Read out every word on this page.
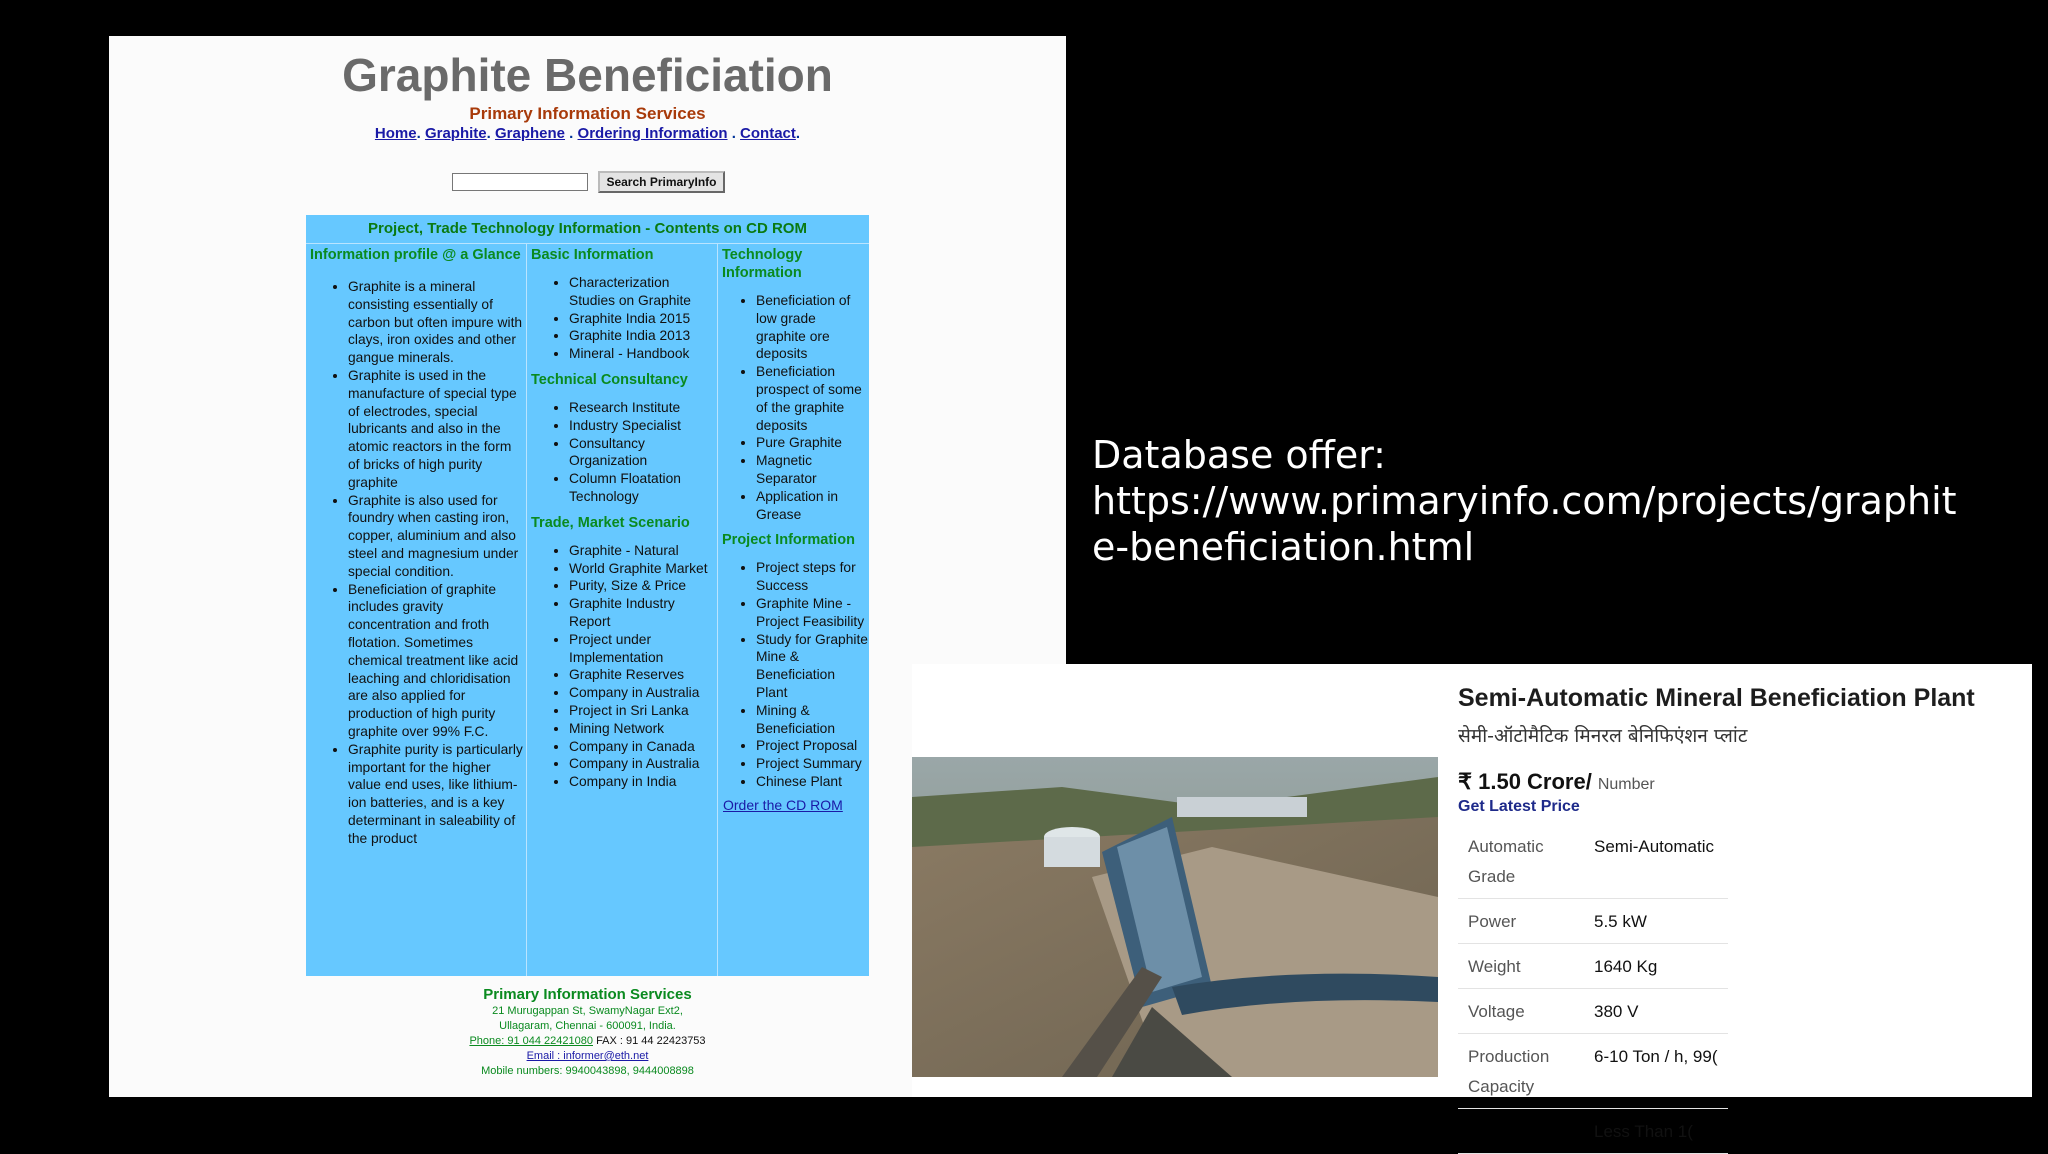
Graphite Beneficiation
Primary Information Services
Home. Graphite. Graphene . Ordering Information . Contact.
Search PrimaryInfo
Project, Trade Technology Information - Contents on CD ROM
Information profile @ a Glance
• Graphite is a mineral consisting essentially of carbon but often impure with clays, iron oxides and other gangue minerals.
• Graphite is used in the manufacture of special type of electrodes, special lubricants and also in the atomic reactors in the form of bricks of high purity graphite
• Graphite is also used for foundry when casting iron, copper, aluminium and also steel and magnesium under special condition.
• Beneficiation of graphite includes gravity concentration and froth flotation. Sometimes chemical treatment like acid leaching and chloridisation are also applied for production of high purity graphite over 99% F.C.
• Graphite purity is particularly important for the higher value end uses, like lithium-ion batteries, and is a key determinant in saleability of the product
Basic Information
• Characterization Studies on Graphite
• Graphite India 2015
• Graphite India 2013
• Mineral - Handbook
Technical Consultancy
• Research Institute
• Industry Specialist
• Consultancy Organization
• Column Floatation Technology
Trade, Market Scenario
• Graphite - Natural
• World Graphite Market
• Purity, Size & Price
• Graphite Industry Report
• Project under Implementation
• Graphite Reserves
• Company in Australia
• Project in Sri Lanka
• Mining Network
• Company in Canada
• Company in Australia
• Company in India
Technology Information
• Beneficiation of low grade graphite ore deposits
• Beneficiation prospect of some of the graphite deposits
• Pure Graphite
• Magnetic Separator
• Application in Grease
Project Information
• Project steps for Success
• Graphite Mine - Project Feasibility
• Study for Graphite Mine & Beneficiation Plant
• Mining & Beneficiation
• Project Proposal
• Project Summary
• Chinese Plant
Order the CD ROM
Primary Information Services
21 Murugappan St, SwamyNagar Ext2,
Ullagaram, Chennai - 600091, India.
Phone: 91 044 22421080 FAX : 91 44 22423753
Email : informer@eth.net
Mobile numbers: 9940043898, 9444008898
Database offer:
https://www.primaryinfo.com/projects/graphit
e-beneficiation.html
Semi-Automatic Mineral Beneficiation Plant
सेमी-ऑटोमैटिक मिनरल बेनिफिएंशन प्लांट
₹ 1.50 Crore/ Number
Get Latest Price
Automatic Grade	Semi-Automatic
Power	5.5 kW
Weight	1640 Kg
Voltage	380 V
Production Capacity	6-10 Ton / h, 99(
	Less Than 1(
